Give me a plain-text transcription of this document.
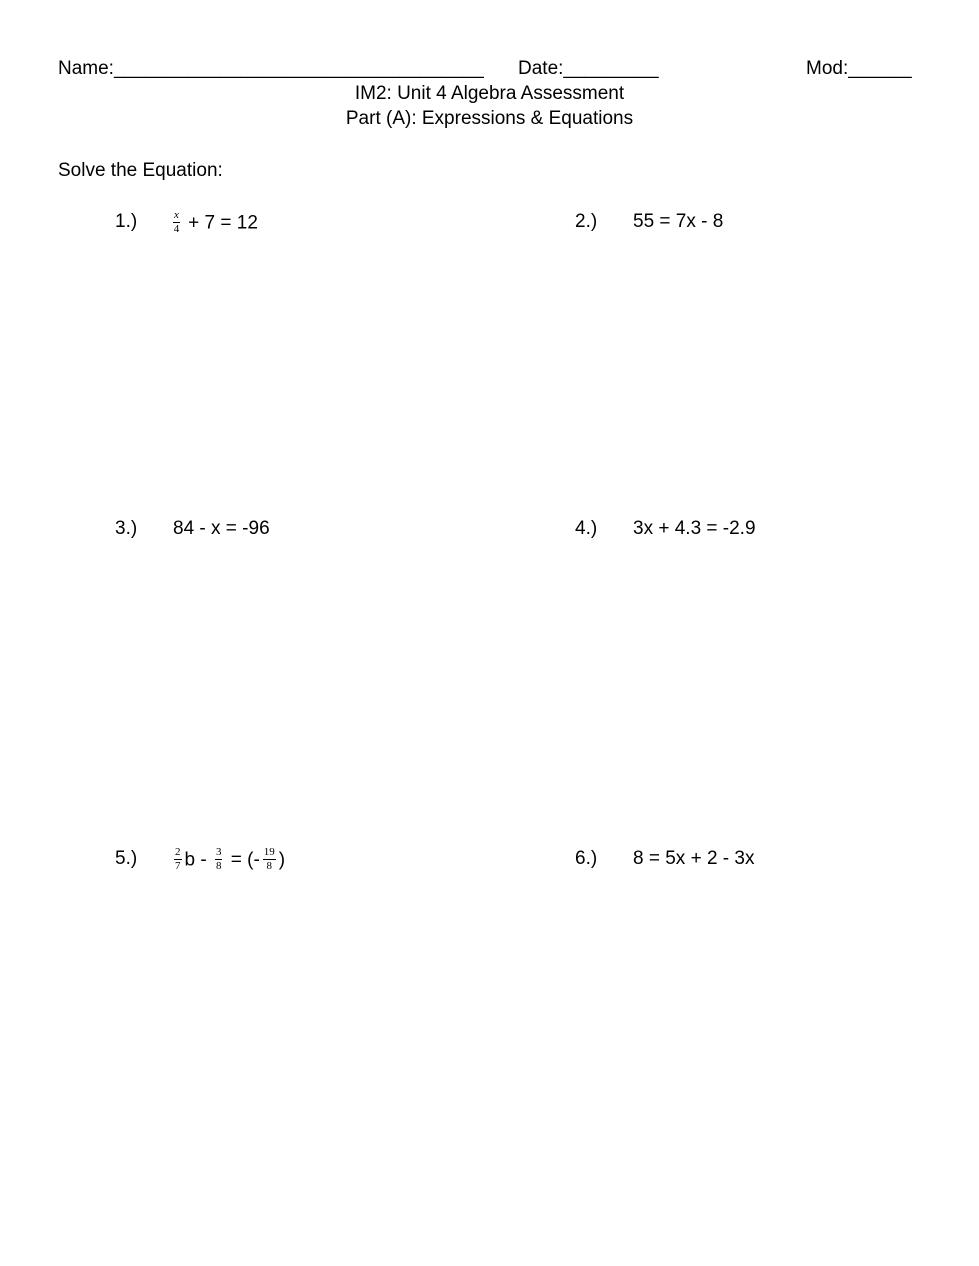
Name:___________________________________ Date:_________	Mod:______
IM2: Unit 4 Algebra Assessment
Part (A): Expressions & Equations
Solve the Equation:
1.)	$\frac{x}{4} + 7 = 12$	2.) 55 = 7x - 8
3.) 84 - x = -96	4.) 3x + 4.3 = -2.9
5.)	$\frac{2}{7}$ b - $\frac{3}{8}$ = (- $\frac{19}{8}$ )	6.) 8 = 5x + 2 - 3x
